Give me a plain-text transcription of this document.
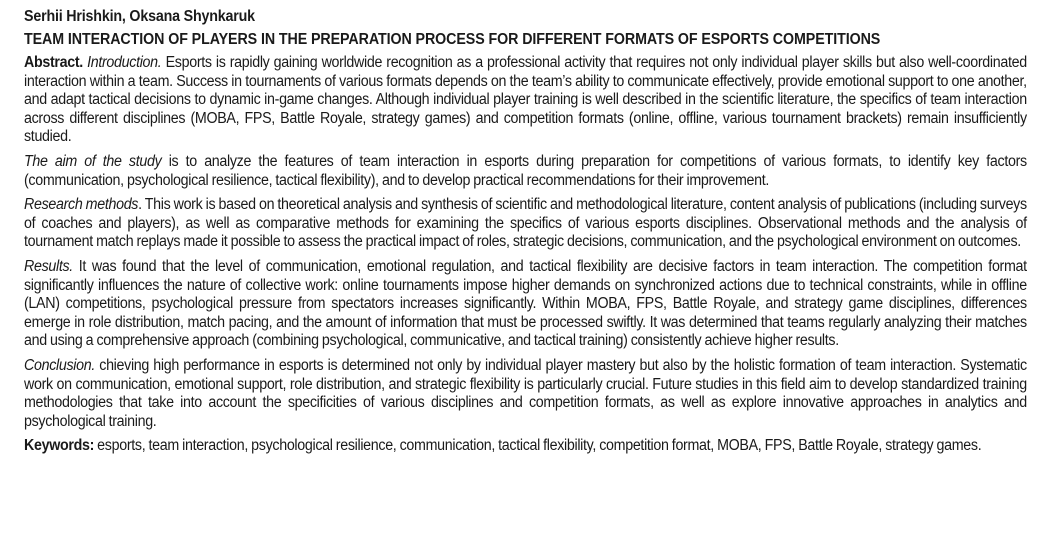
Serhii Hrishkin, Oksana Shynkaruk
TEAM INTERACTION OF PLAYERS IN THE PREPARATION PROCESS FOR DIFFERENT FORMATS OF ESPORTS COMPETITIONS

Abstract. Introduction. Esports is rapidly gaining worldwide recognition as a professional activity that requires not only individual player skills but also well-coordinated interaction within a team. Success in tournaments of various formats depends on the team’s ability to communicate effectively, provide emotional support to one another, and adapt tactical decisions to dynamic in-game changes. Although individual player training is well described in the scientific literature, the specifics of team interaction across different disciplines (MOBA, FPS, Battle Royale, strategy games) and competition formats (online, offline, various tournament brackets) remain insufficiently studied.

The aim of the study is to analyze the features of team interaction in esports during preparation for competitions of various formats, to identify key factors (communication, psychological resilience, tactical flexibility), and to develop practical recommendations for their improvement.

Research methods. This work is based on theoretical analysis and synthesis of scientific and methodological literature, content analysis of publications (including surveys of coaches and players), as well as comparative methods for examining the specifics of various esports disciplines. Observational methods and the analysis of tournament match replays made it possible to assess the practical impact of roles, strategic decisions, communication, and the psychological environment on outcomes.

Results. It was found that the level of communication, emotional regulation, and tactical flexibility are decisive factors in team interaction. The competition format significantly influences the nature of collective work: online tournaments impose higher demands on synchronized actions due to technical constraints, while in offline (LAN) competitions, psychological pressure from spectators increases significantly. Within MOBA, FPS, Battle Royale, and strategy game disciplines, differences emerge in role distribution, match pacing, and the amount of information that must be processed swiftly. It was determined that teams regularly analyzing their matches and using a comprehensive approach (combining psychological, communicative, and tactical training) consistently achieve higher results.

Conclusion. chieving high performance in esports is determined not only by individual player mastery but also by the holistic formation of team interaction. Systematic work on communication, emotional support, role distribution, and strategic flexibility is particularly crucial. Future studies in this field aim to develop standardized training methodologies that take into account the specificities of various disciplines and competition formats, as well as explore innovative approaches in analytics and psychological training.

Keywords: esports, team interaction, psychological resilience, communication, tactical flexibility, competition format, MOBA, FPS, Battle Royale, strategy games.
